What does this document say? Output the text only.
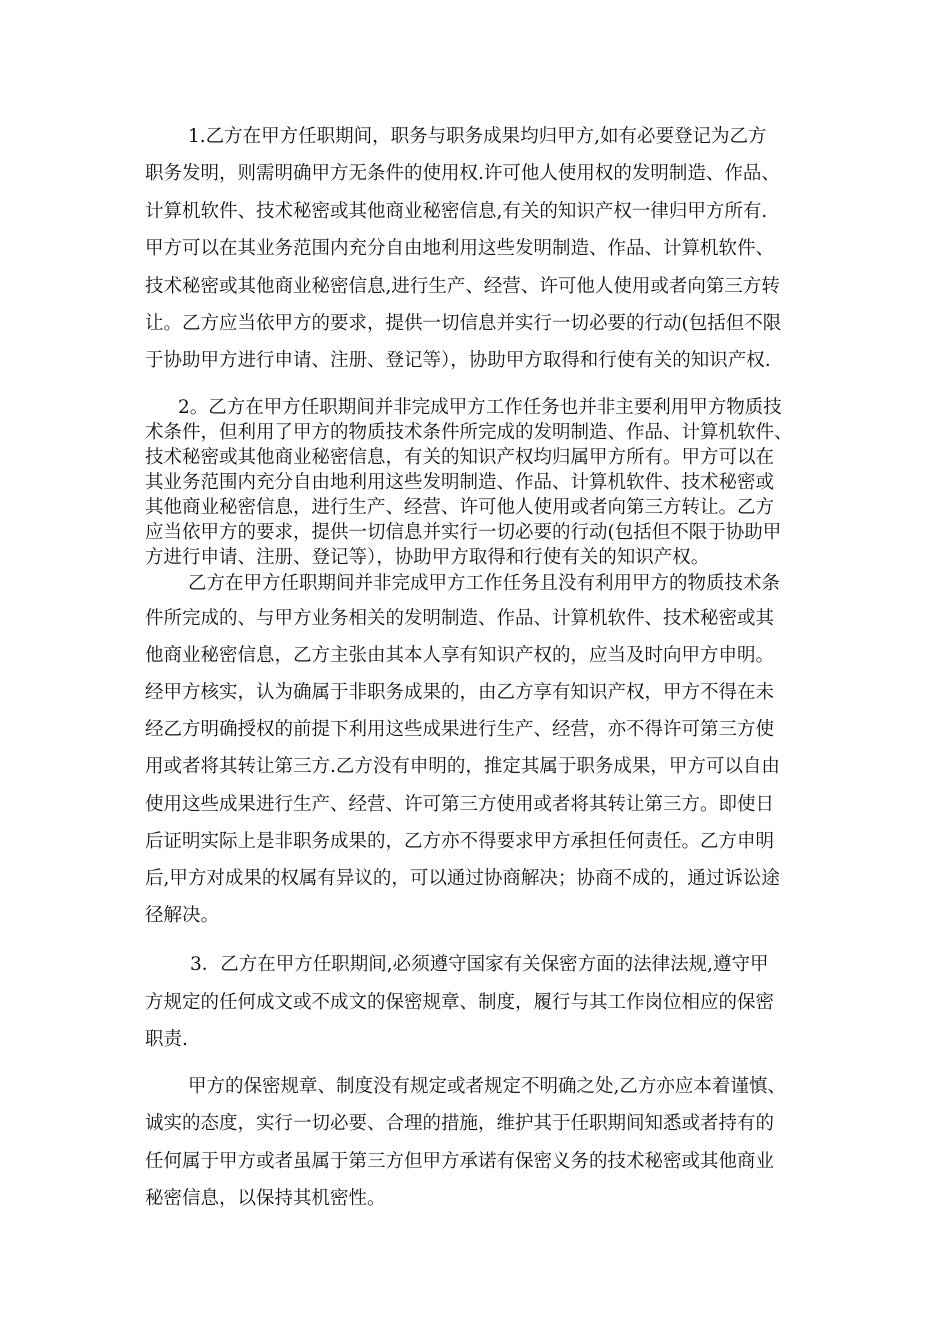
1.乙方在甲方任职期间，职务与职务成果均归甲方,如有必要登记为乙方
职务发明，则需明确甲方无条件的使用权.许可他人使用权的发明制造、作品、
计算机软件、技术秘密或其他商业秘密信息,有关的知识产权一律归甲方所有.
甲方可以在其业务范围内充分自由地利用这些发明制造、作品、计算机软件、
技术秘密或其他商业秘密信息,进行生产、经营、许可他人使用或者向第三方转
让。乙方应当依甲方的要求，提供一切信息并实行一切必要的行动(包括但不限
于协助甲方进行申请、注册、登记等），协助甲方取得和行使有关的知识产权.
2。乙方在甲方任职期间并非完成甲方工作任务也并非主要利用甲方物质技
术条件，但利用了甲方的物质技术条件所完成的发明制造、作品、计算机软件、
技术秘密或其他商业秘密信息，有关的知识产权均归属甲方所有。甲方可以在
其业务范围内充分自由地利用这些发明制造、作品、计算机软件、技术秘密或
其他商业秘密信息，进行生产、经营、许可他人使用或者向第三方转让。乙方
应当依甲方的要求，提供一切信息并实行一切必要的行动(包括但不限于协助甲
方进行申请、注册、登记等），协助甲方取得和行使有关的知识产权。
乙方在甲方任职期间并非完成甲方工作任务且没有利用甲方的物质技术条
件所完成的、与甲方业务相关的发明制造、作品、计算机软件、技术秘密或其
他商业秘密信息，乙方主张由其本人享有知识产权的，应当及时向甲方申明。
经甲方核实，认为确属于非职务成果的，由乙方享有知识产权，甲方不得在未
经乙方明确授权的前提下利用这些成果进行生产、经营，亦不得许可第三方使
用或者将其转让第三方.乙方没有申明的，推定其属于职务成果，甲方可以自由
使用这些成果进行生产、经营、许可第三方使用或者将其转让第三方。即使日
后证明实际上是非职务成果的，乙方亦不得要求甲方承担任何责任。乙方申明
后,甲方对成果的权属有异议的，可以通过协商解决；协商不成的，通过诉讼途
径解决。
3．乙方在甲方任职期间,必须遵守国家有关保密方面的法律法规,遵守甲
方规定的任何成文或不成文的保密规章、制度，履行与其工作岗位相应的保密
职责.
甲方的保密规章、制度没有规定或者规定不明确之处,乙方亦应本着谨慎、
诚实的态度，实行一切必要、合理的措施，维护其于任职期间知悉或者持有的
任何属于甲方或者虽属于第三方但甲方承诺有保密义务的技术秘密或其他商业
秘密信息，以保持其机密性。
